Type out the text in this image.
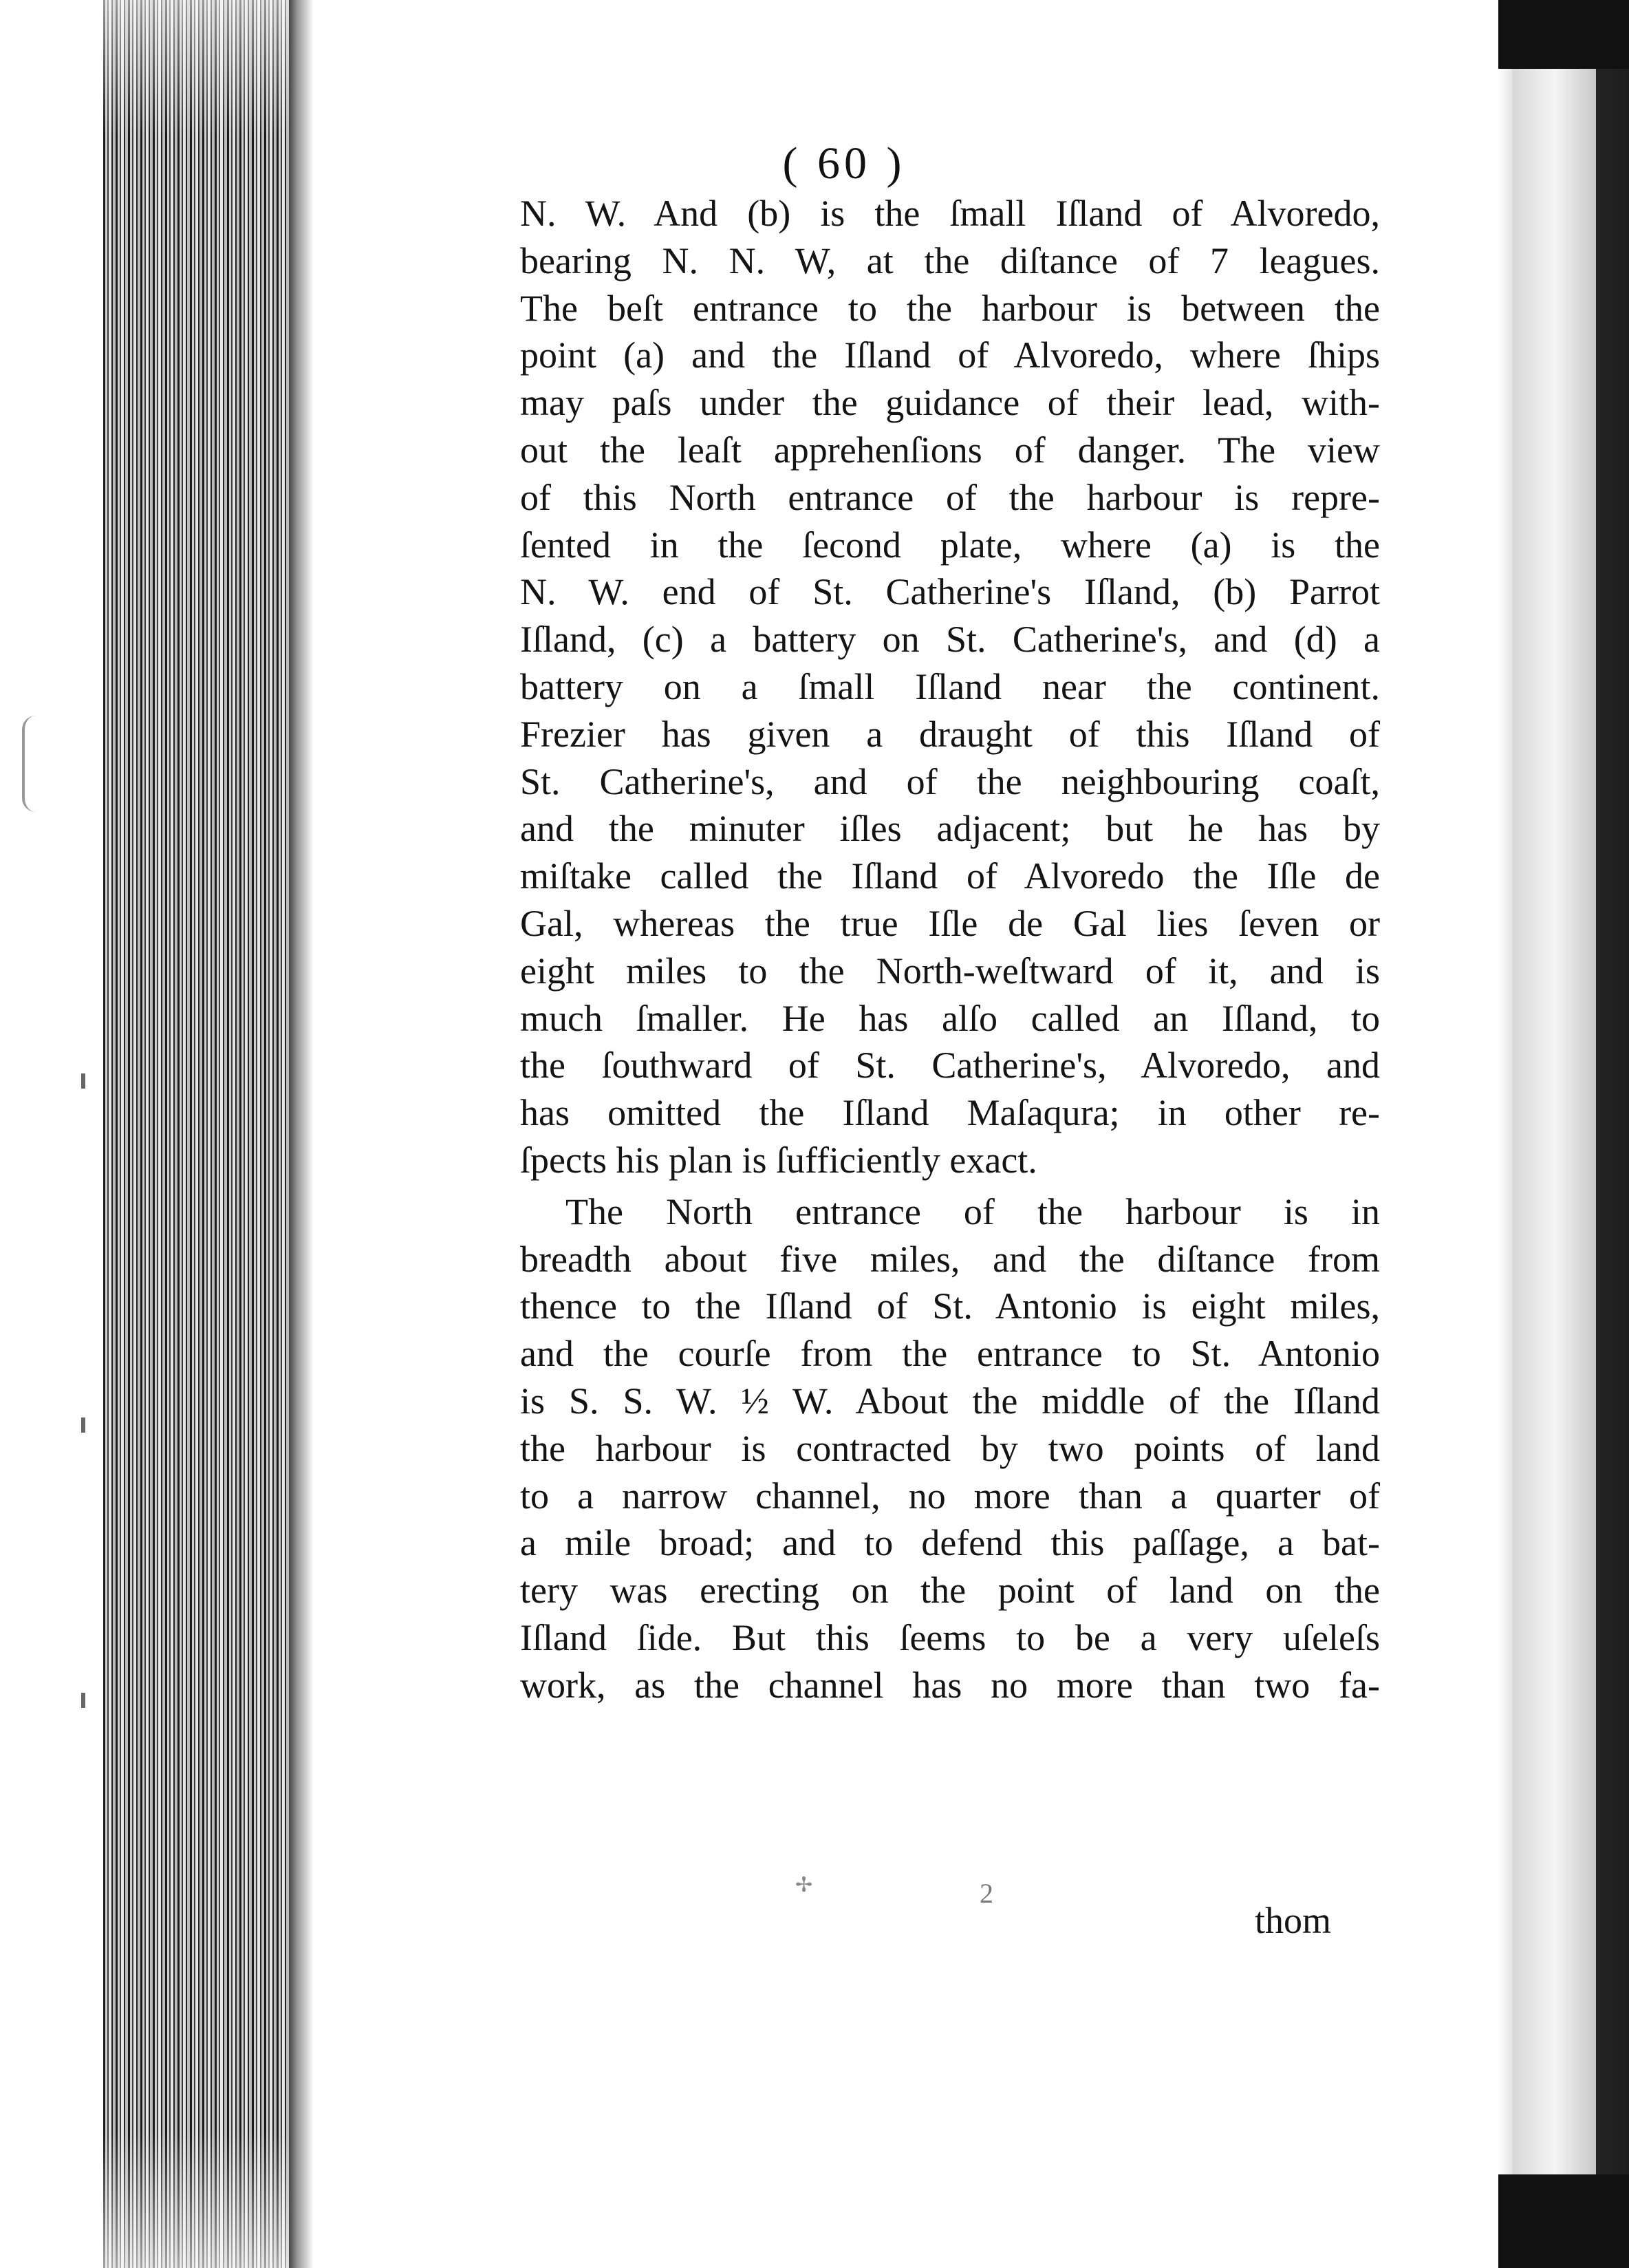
( 60 )
N. W. And (b) is the ſmall Iſland of Alvoredo,
bearing N. N. W, at the diſtance of 7 leagues.
The beſt entrance to the harbour is between the
point (a) and the Iſland of Alvoredo, where ſhips
may paſs under the guidance of their lead, with-
out the leaſt apprehenſions of danger. The view
of this North entrance of the harbour is repre-
ſented in the ſecond plate, where (a) is the
N. W. end of St. Catherine's Iſland, (b) Parrot
Iſland, (c) a battery on St. Catherine's, and (d) a
battery on a ſmall Iſland near the continent.
Frezier has given a draught of this Iſland of
St. Catherine's, and of the neighbouring coaſt,
and the minuter iſles adjacent; but he has by
miſtake called the Iſland of Alvoredo the Iſle de
Gal, whereas the true Iſle de Gal lies ſeven or
eight miles to the North-weſtward of it, and is
much ſmaller. He has alſo called an Iſland, to
the ſouthward of St. Catherine's, Alvoredo, and
has omitted the Iſland Maſaqura; in other re-
ſpects his plan is ſufficiently exact.
The North entrance of the harbour is in
breadth about five miles, and the diſtance from
thence to the Iſland of St. Antonio is eight miles,
and the courſe from the entrance to St. Antonio
is S. S. W. ½ W. About the middle of the Iſland
the harbour is contracted by two points of land
to a narrow channel, no more than a quarter of
a mile broad; and to defend this paſſage, a bat-
tery was erecting on the point of land on the
Iſland ſide. But this ſeems to be a very uſeleſs
work, as the channel has no more than two fa-
✢	2
thom
